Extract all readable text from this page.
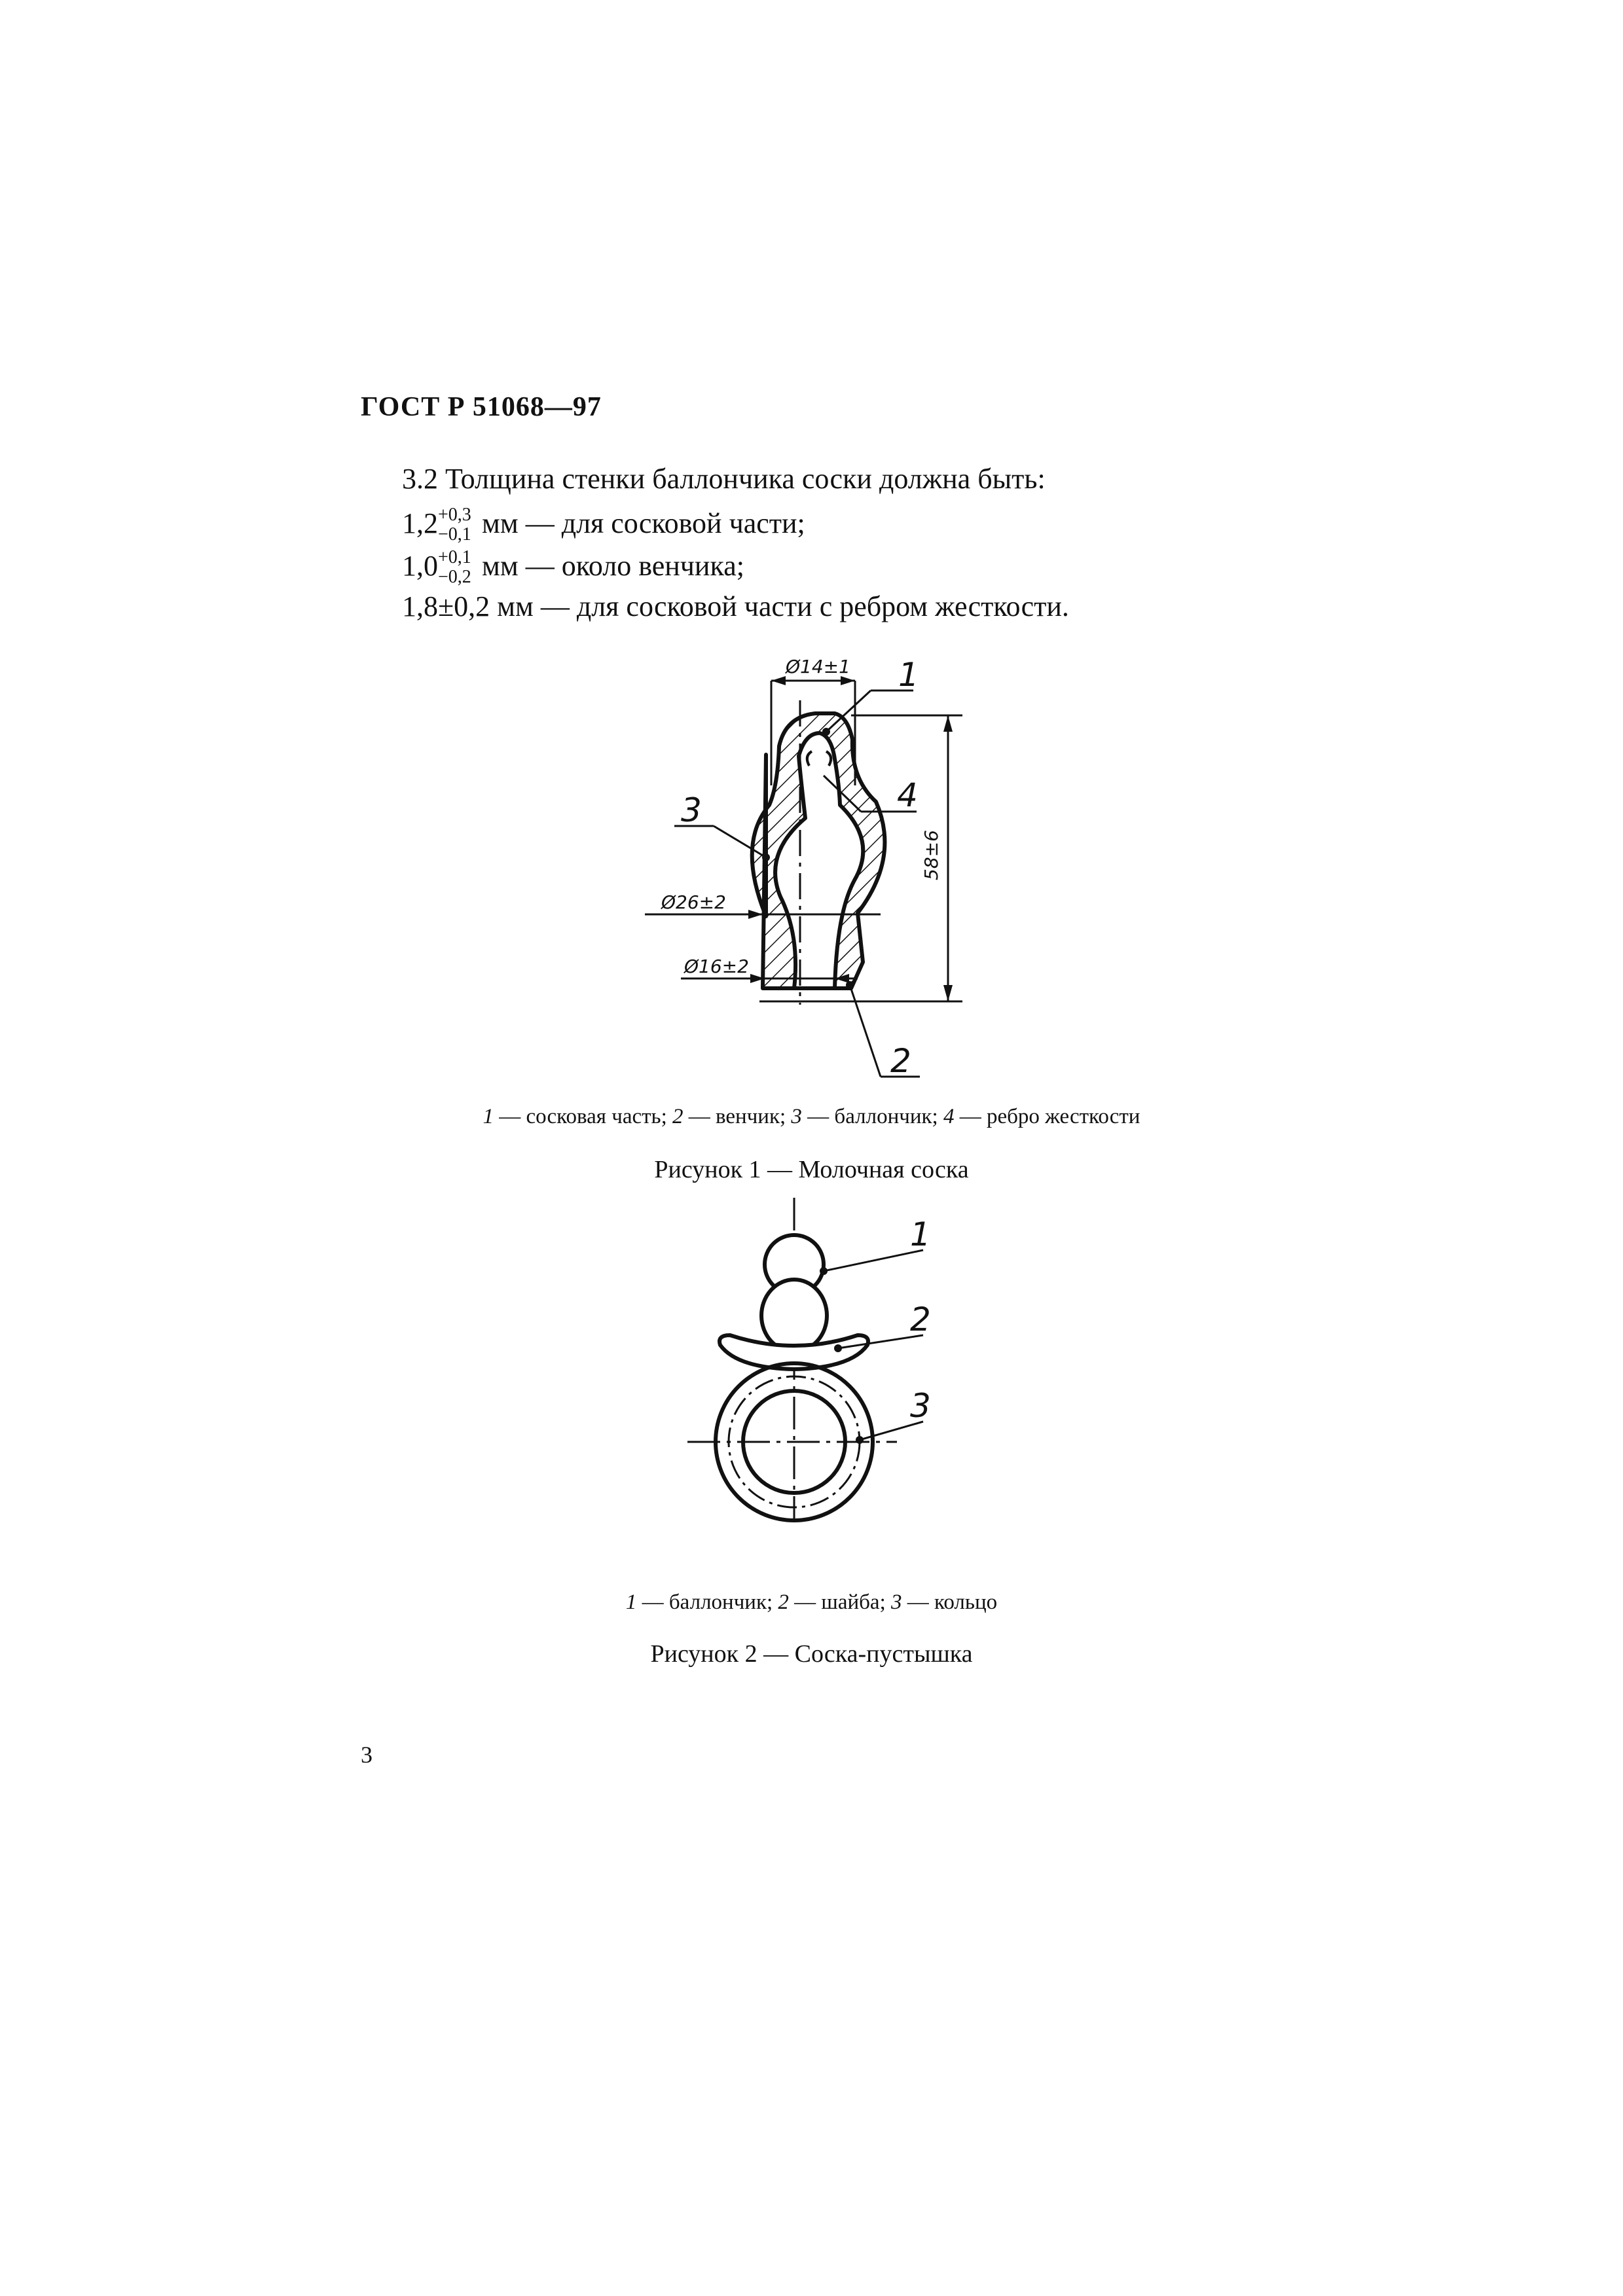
ГОСТ Р 51068—97
3.2 Толщина стенки баллончика соски должна быть:
1,2 +0,3
−0,1 мм — для сосковой части;
1,0 +0,1
−0,2 мм — около венчика;
1,8±0,2 мм — для сосковой части с ребром жесткости.
Ø14±1
58±6
Ø26±2
Ø16±2
1
4
3
2
1
2
3
1 — сосковая часть; 2 — венчик; 3 — баллончик; 4 — ребро жесткости
Рисунок 1 — Молочная соска
1 — баллончик; 2 — шайба; 3 — кольцо
Рисунок 2 — Соска-пустышка
3
